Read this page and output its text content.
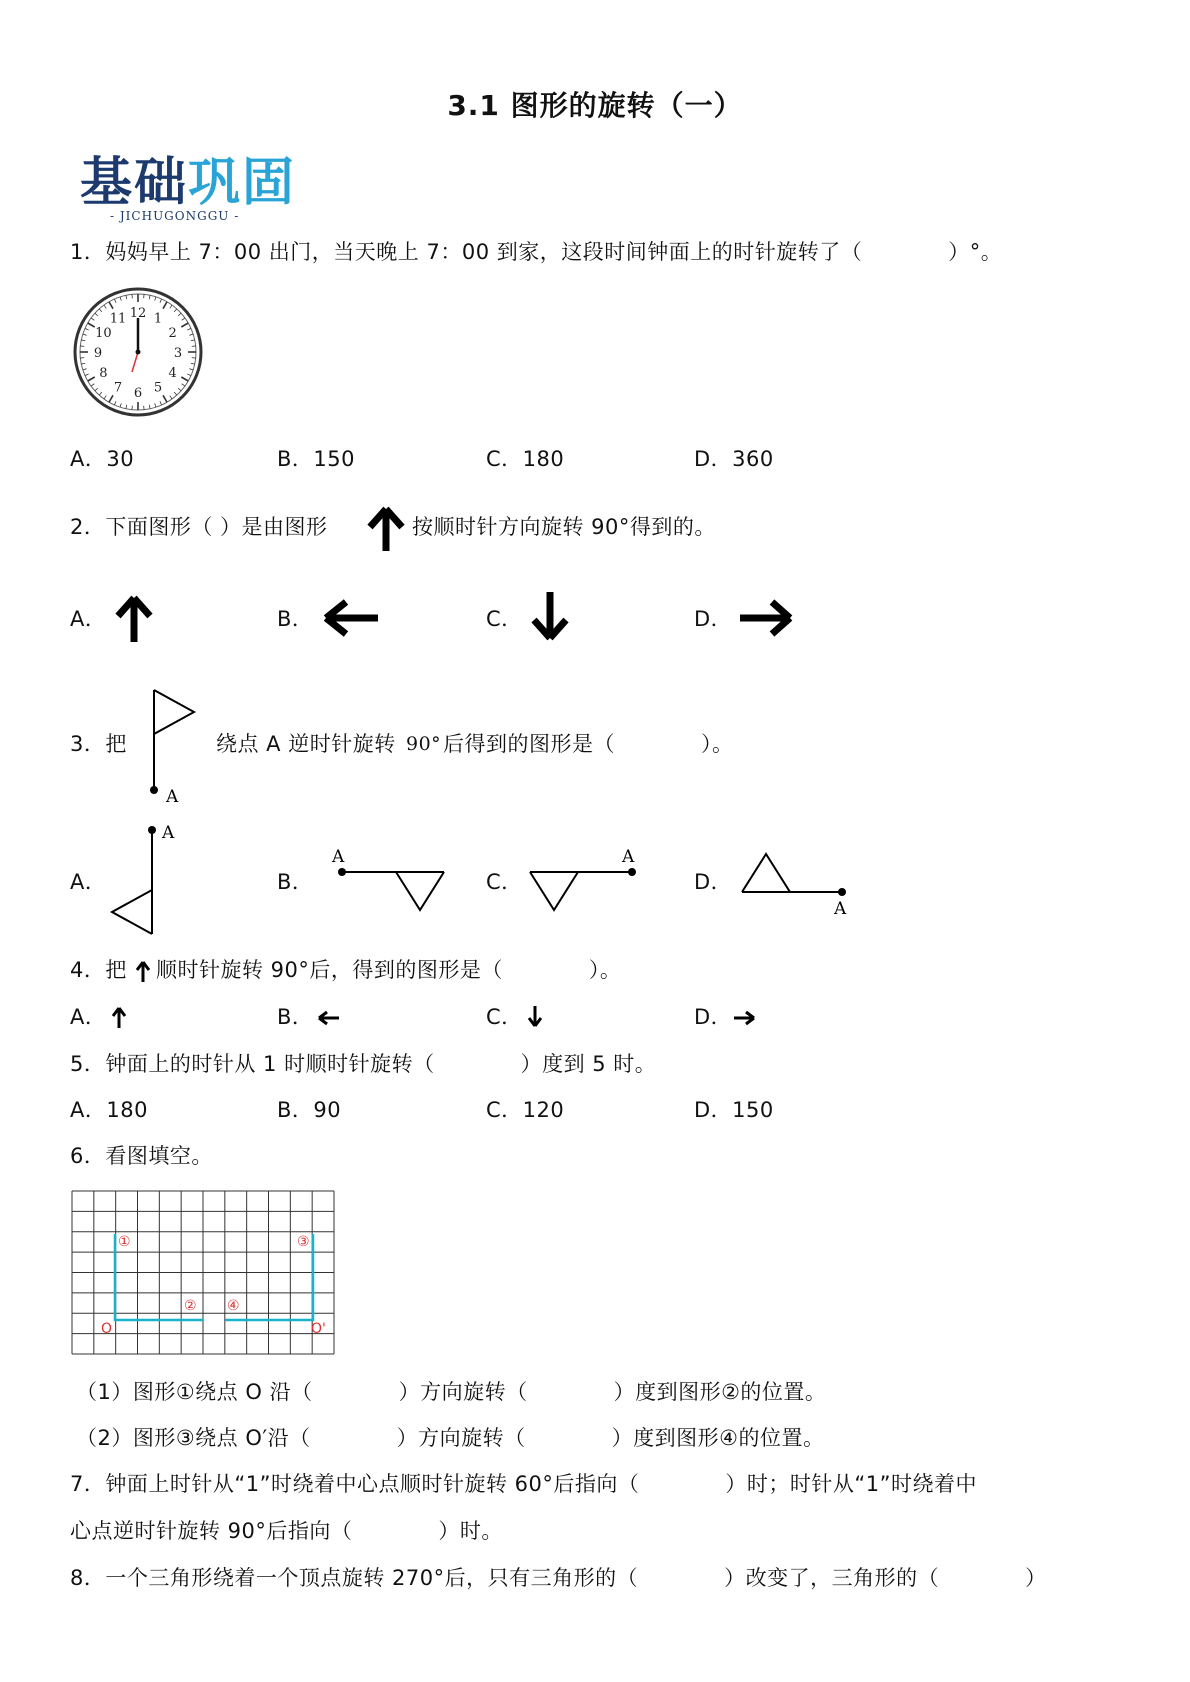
3.1 图形的旋转（一）
基础巩固
- JICHUGONGGU -
1．妈妈早上 7：00 出门，当天晚上 7：00 到家，这段时间钟面上的时针旋转了（　　　　）°。
12 1
2
3
4
5
6
7
8
9
10
11
A．30	B．150	C．180	D．360
2．下面图形（ ）是由图形	按顺时针方向旋转 90°得到的。
A．	B．	C．	D．
3．把
A
绕点 A 逆时针旋转 90° 后得到的图形是（　　　　）。
A．
A
B．
A
C．
A
D．
A
4．把 顺时针旋转 90°后，得到的图形是（　　　　）。
A．	B．	C．	D．
5．钟面上的时针从 1 时顺时针旋转（　　　　）度到 5 时。
A．180	B．90	C．120	D．150
6．看图填空。
①
②
③
④
O	O'
（1）图形①绕点 O 沿（　　　　）方向旋转（　　　　）度到图形②的位置。
（2）图形③绕点 O′沿（　　　　）方向旋转（　　　　）度到图形④的位置。
7．钟面上时针从“1”时绕着中心点顺时针旋转 60°后指向（　　　　）时；时针从“1”时绕着中
心点逆时针旋转 90°后指向（　　　　）时。
8．一个三角形绕着一个顶点旋转 270°后，只有三角形的（　　　　）改变了，三角形的（　　　　）
